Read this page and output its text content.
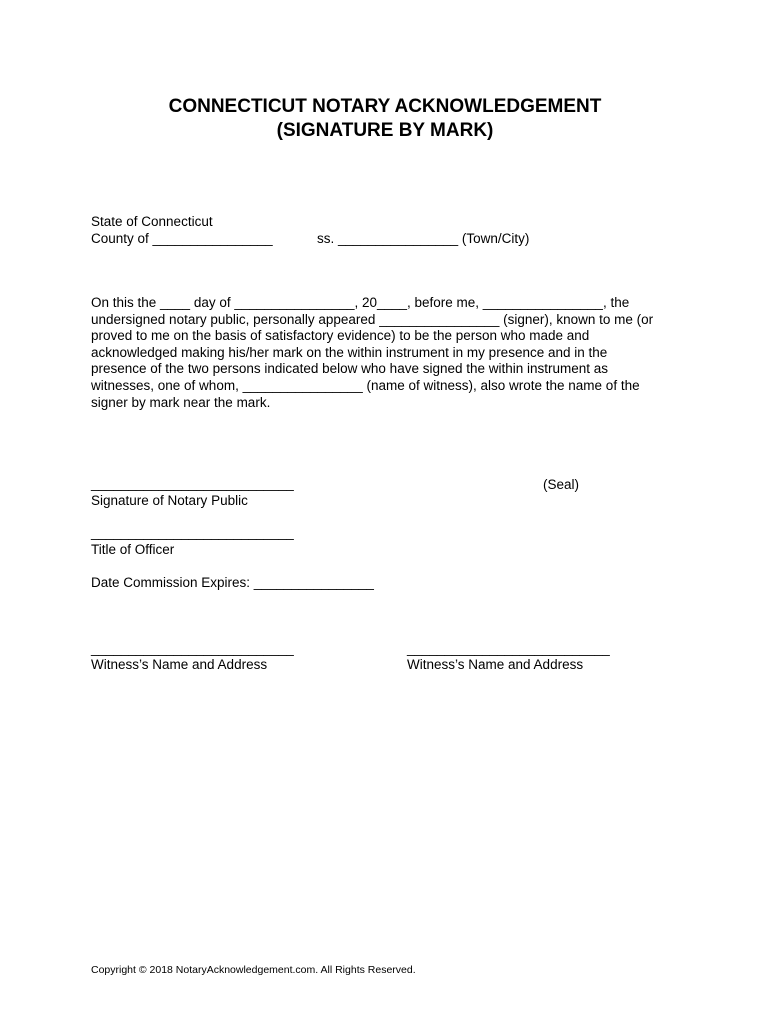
CONNECTICUT NOTARY ACKNOWLEDGEMENT
(SIGNATURE BY MARK)
State of Connecticut
County of ________________	ss. ________________ (Town/City)
On this the ____ day of ________________, 20____, before me, ________________, the
undersigned notary public, personally appeared ________________ (signer), known to me (or
proved to me on the basis of satisfactory evidence) to be the person who made and
acknowledged making his/her mark on the within instrument in my presence and in the
presence of the two persons indicated below who have signed the within instrument as
witnesses, one of whom, ________________ (name of witness), also wrote the name of the
signer by mark near the mark.
___________________________
Signature of Notary Public
(Seal)
___________________________
Title of Officer
Date Commission Expires: ________________
___________________________
Witness’s Name and Address
___________________________
Witness’s Name and Address
Copyright © 2018 NotaryAcknowledgement.com. All Rights Reserved.
